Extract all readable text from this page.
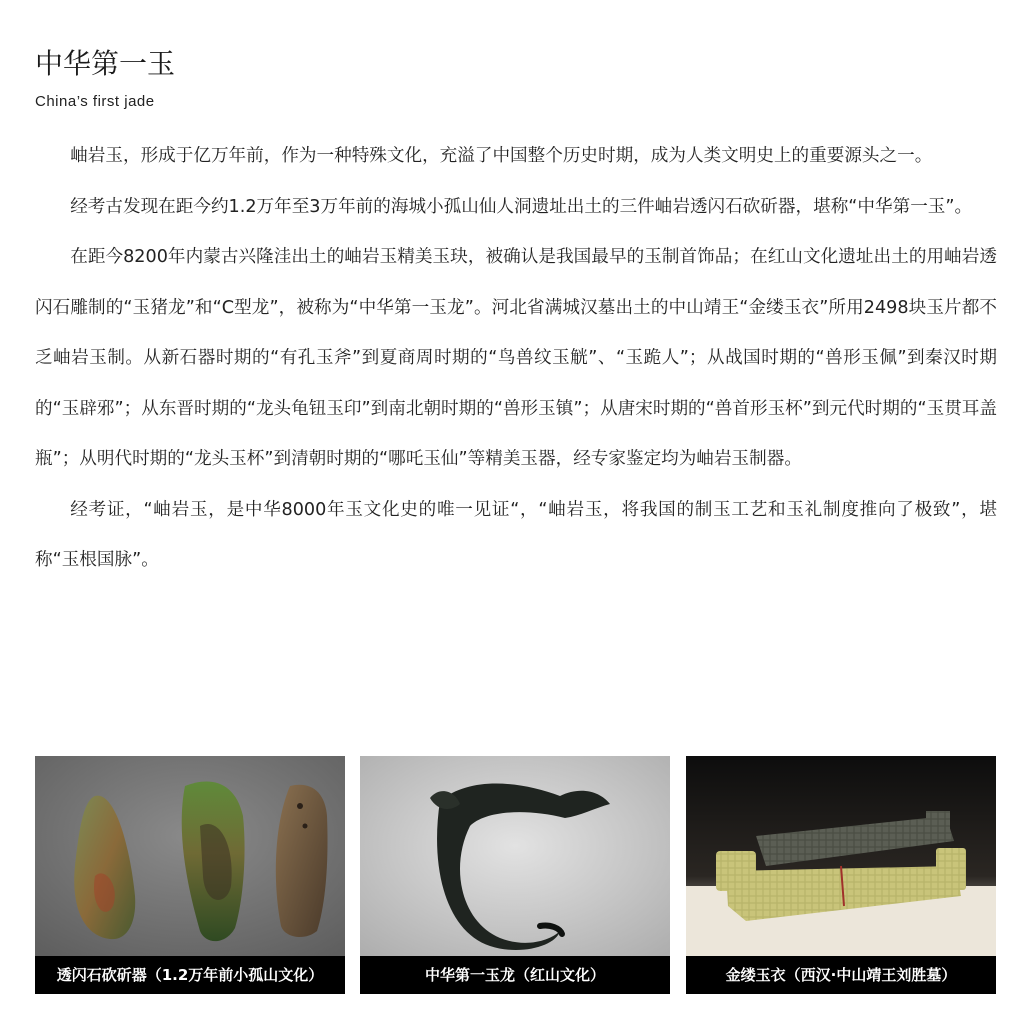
中华第一玉
China’s first jade

岫岩玉，形成于亿万年前，作为一种特殊文化，充溢了中国整个历史时期，成为人类文明史上的重要源头之一。

经考古发现在距今约1.2万年至3万年前的海城小孤山仙人洞遗址出土的三件岫岩透闪石砍斫器，堪称“中华第一玉”。

在距今8200年内蒙古兴隆洼出土的岫岩玉精美玉玦，被确认是我国最早的玉制首饰品；在红山文化遗址出土的用岫岩透闪石雕制的“玉猪龙”和“C型龙”，被称为“中华第一玉龙”。河北省满城汉墓出土的中山靖王“金缕玉衣”所用2498块玉片都不乏岫岩玉制。从新石器时期的“有孔玉斧”到夏商周时期的“鸟兽纹玉觥”、“玉跪人”；从战国时期的“兽形玉佩”到秦汉时期的“玉辟邪”；从东晋时期的“龙头龟钮玉印”到南北朝时期的“兽形玉镇”；从唐宋时期的“兽首形玉杯”到元代时期的“玉贯耳盖瓶”；从明代时期的“龙头玉杯”到清朝时期的“哪吒玉仙”等精美玉器，经专家鉴定均为岫岩玉制器。

经考证，“岫岩玉，是中华8000年玉文化史的唯一见证“，“岫岩玉，将我国的制玉工艺和玉礼制度推向了极致”，堪称“玉根国脉”。

透闪石砍斫器（1.2万年前小孤山文化）	中华第一玉龙（红山文化）	金缕玉衣（西汉·中山靖王刘胜墓）
